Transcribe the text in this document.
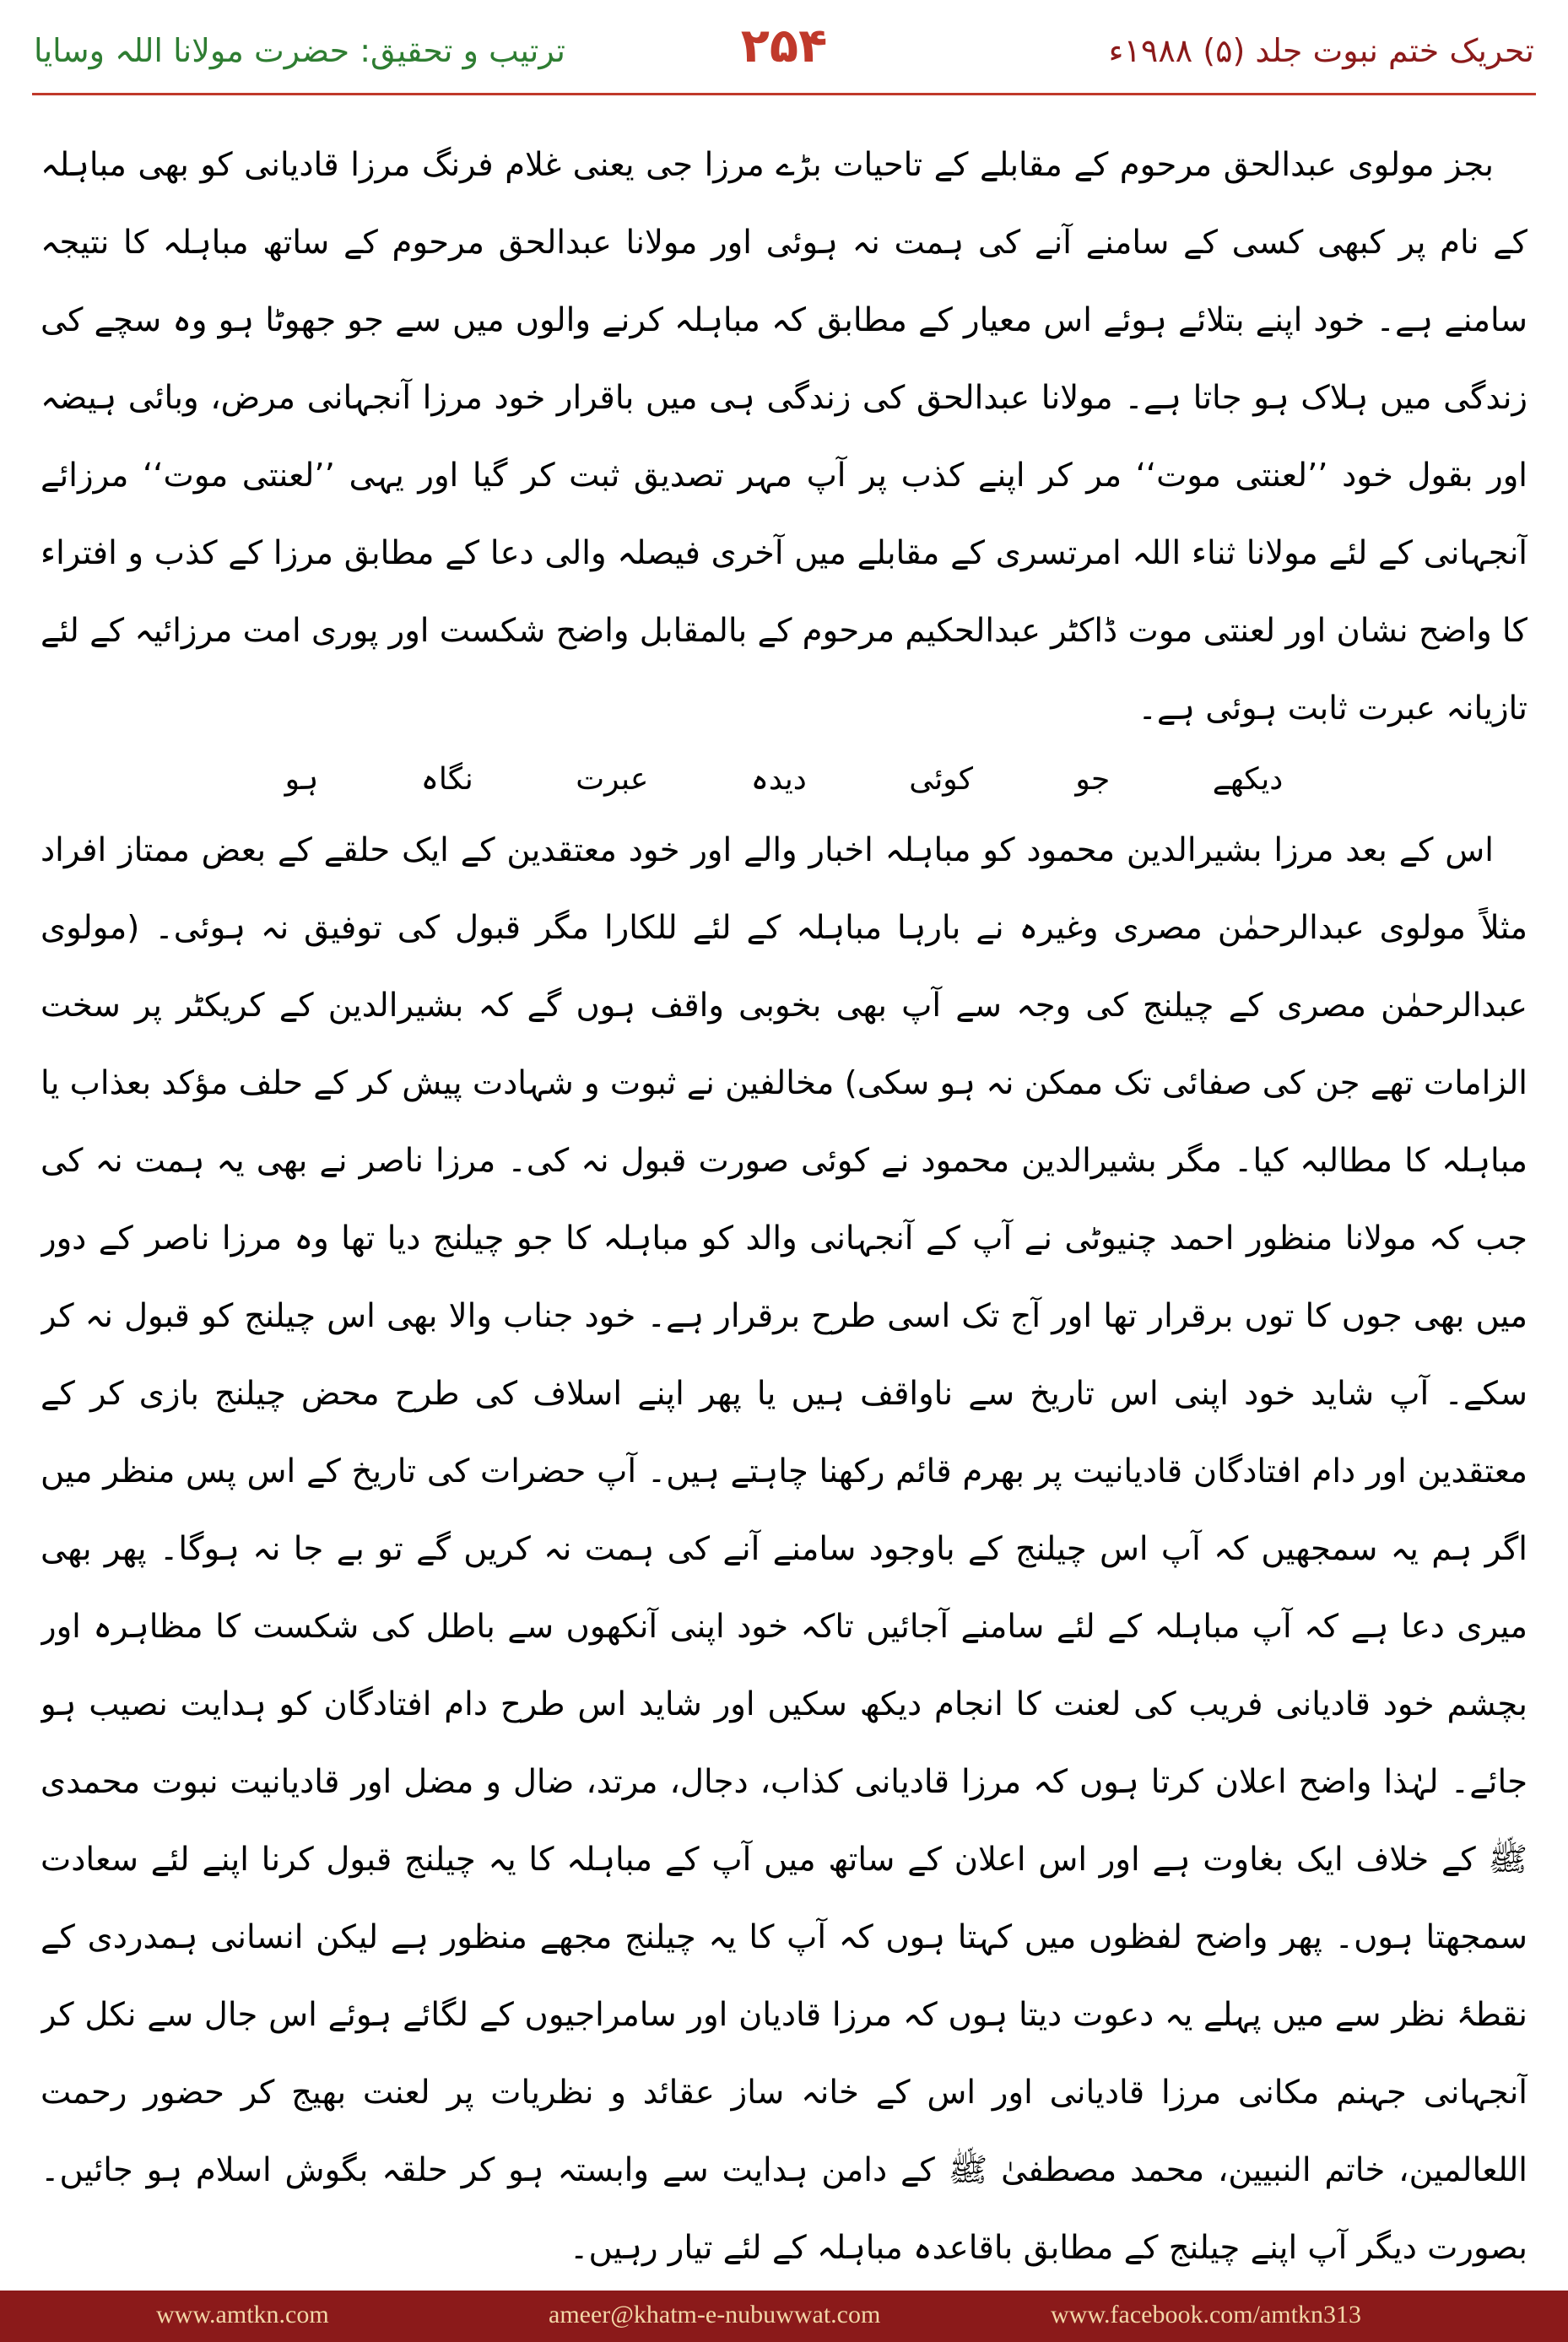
ترتیب و تحقیق: حضرت مولانا اللہ وسایا	۲۵۴	تحریک ختم نبوت جلد (۵) ۱۹۸۸ء

بجز مولوی عبدالحق مرحوم کے مقابلے کے تاحیات بڑے مرزا جی یعنی غلام فرنگ مرزا قادیانی کو بھی مباہلہ کے نام پر کبھی کسی کے سامنے آنے کی ہمت نہ ہوئی اور مولانا عبدالحق مرحوم کے ساتھ مباہلہ کا نتیجہ سامنے ہے۔ خود اپنے بتلائے ہوئے اس معیار کے مطابق کہ مباہلہ کرنے والوں میں سے جو جھوٹا ہو وہ سچے کی زندگی میں ہلاک ہو جاتا ہے۔ مولانا عبدالحق کی زندگی ہی میں باقرار خود مرزا آنجہانی مرض، وبائی ہیضہ اور بقول خود ’’لعنتی موت‘‘ مر کر اپنے کذب پر آپ مہر تصدیق ثبت کر گیا اور یہی ’’لعنتی موت‘‘ مرزائے آنجہانی کے لئے مولانا ثناء اللہ امرتسری کے مقابلے میں آخری فیصلہ والی دعا کے مطابق مرزا کے کذب و افتراء کا واضح نشان اور لعنتی موت ڈاکٹر عبدالحکیم مرحوم کے بالمقابل واضح شکست اور پوری امت مرزائیہ کے لئے تازیانہ عبرت ثابت ہوئی ہے۔

دیکھے جو کوئی دیدہ عبرت نگاہ ہو

اس کے بعد مرزا بشیرالدین محمود کو مباہلہ اخبار والے اور خود معتقدین کے ایک حلقے کے بعض ممتاز افراد مثلاً مولوی عبدالرحمٰن مصری وغیرہ نے بارہا مباہلہ کے لئے للکارا مگر قبول کی توفیق نہ ہوئی۔ (مولوی عبدالرحمٰن مصری کے چیلنج کی وجہ سے آپ بھی بخوبی واقف ہوں گے کہ بشیرالدین کے کریکٹر پر سخت الزامات تھے جن کی صفائی تک ممکن نہ ہو سکی) مخالفین نے ثبوت و شہادت پیش کر کے حلف مؤکد بعذاب یا مباہلہ کا مطالبہ کیا۔ مگر بشیرالدین محمود نے کوئی صورت قبول نہ کی۔ مرزا ناصر نے بھی یہ ہمت نہ کی جب کہ مولانا منظور احمد چنیوٹی نے آپ کے آنجہانی والد کو مباہلہ کا جو چیلنج دیا تھا وہ مرزا ناصر کے دور میں بھی جوں کا توں برقرار تھا اور آج تک اسی طرح برقرار ہے۔ خود جناب والا بھی اس چیلنج کو قبول نہ کر سکے۔ آپ شاید خود اپنی اس تاریخ سے ناواقف ہیں یا پھر اپنے اسلاف کی طرح محض چیلنج بازی کر کے معتقدین اور دام افتادگان قادیانیت پر بھرم قائم رکھنا چاہتے ہیں۔ آپ حضرات کی تاریخ کے اس پس منظر میں اگر ہم یہ سمجھیں کہ آپ اس چیلنج کے باوجود سامنے آنے کی ہمت نہ کریں گے تو بے جا نہ ہوگا۔ پھر بھی میری دعا ہے کہ آپ مباہلہ کے لئے سامنے آجائیں تاکہ خود اپنی آنکھوں سے باطل کی شکست کا مظاہرہ اور بچشم خود قادیانی فریب کی لعنت کا انجام دیکھ سکیں اور شاید اس طرح دام افتادگان کو ہدایت نصیب ہو جائے۔ لہٰذا واضح اعلان کرتا ہوں کہ مرزا قادیانی کذاب، دجال، مرتد، ضال و مضل اور قادیانیت نبوت محمدی ﷺ کے خلاف ایک بغاوت ہے اور اس اعلان کے ساتھ میں آپ کے مباہلہ کا یہ چیلنج قبول کرنا اپنے لئے سعادت سمجھتا ہوں۔ پھر واضح لفظوں میں کہتا ہوں کہ آپ کا یہ چیلنج مجھے منظور ہے لیکن انسانی ہمدردی کے نقطۂ نظر سے میں پہلے یہ دعوت دیتا ہوں کہ مرزا قادیان اور سامراجیوں کے لگائے ہوئے اس جال سے نکل کر آنجہانی جہنم مکانی مرزا قادیانی اور اس کے خانہ ساز عقائد و نظریات پر لعنت بھیج کر حضور رحمت اللعالمین، خاتم النبیین، محمد مصطفیٰ ﷺ کے دامن ہدایت سے وابستہ ہو کر حلقہ بگوش اسلام ہو جائیں۔ بصورت دیگر آپ اپنے چیلنج کے مطابق باقاعدہ مباہلہ کے لئے تیار رہیں۔

www.amtkn.com	ameer@khatm-e-nubuwwat.com	www.facebook.com/amtkn313
